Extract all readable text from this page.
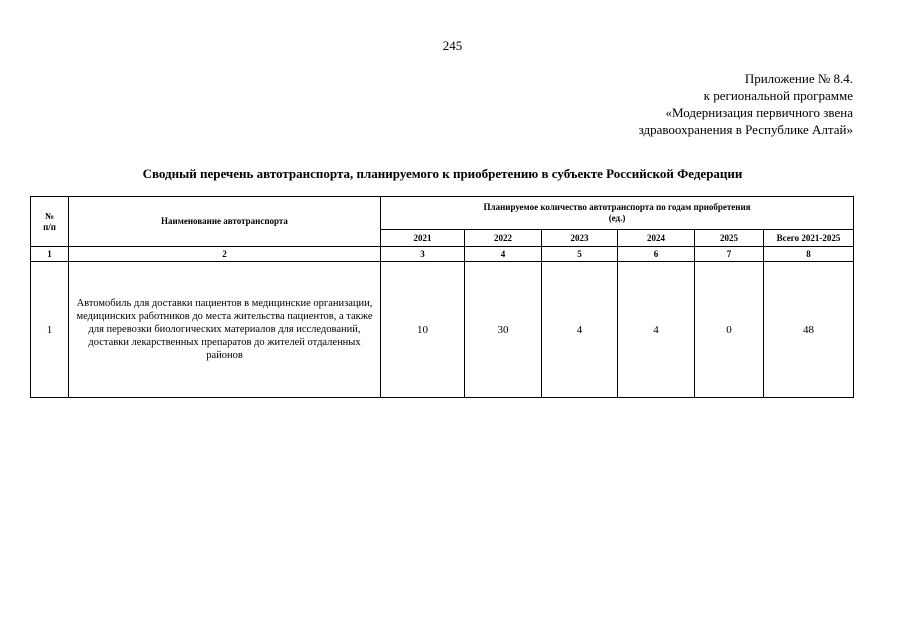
245
Приложение № 8.4.
к региональной программе
«Модернизация первичного звена
здравоохранения в Республике Алтай»
Сводный перечень автотранспорта, планируемого к приобретению в субъекте Российской Федерации
№
п/п	Наименование автотранспорта	Планируемое количество автотранспорта по годам приобретения
(ед.)					
		2021	2022	2023	2024	2025	Всего 2021-2025
1	2	3	4	5	6	7	8
1	Автомобиль для доставки пациентов в медицинские организации, медицинских работников до места жительства пациентов, а также для перевозки биологических материалов для исследований, доставки лекарственных препаратов до жителей отдаленных районов	10	30	4	4	0	48
